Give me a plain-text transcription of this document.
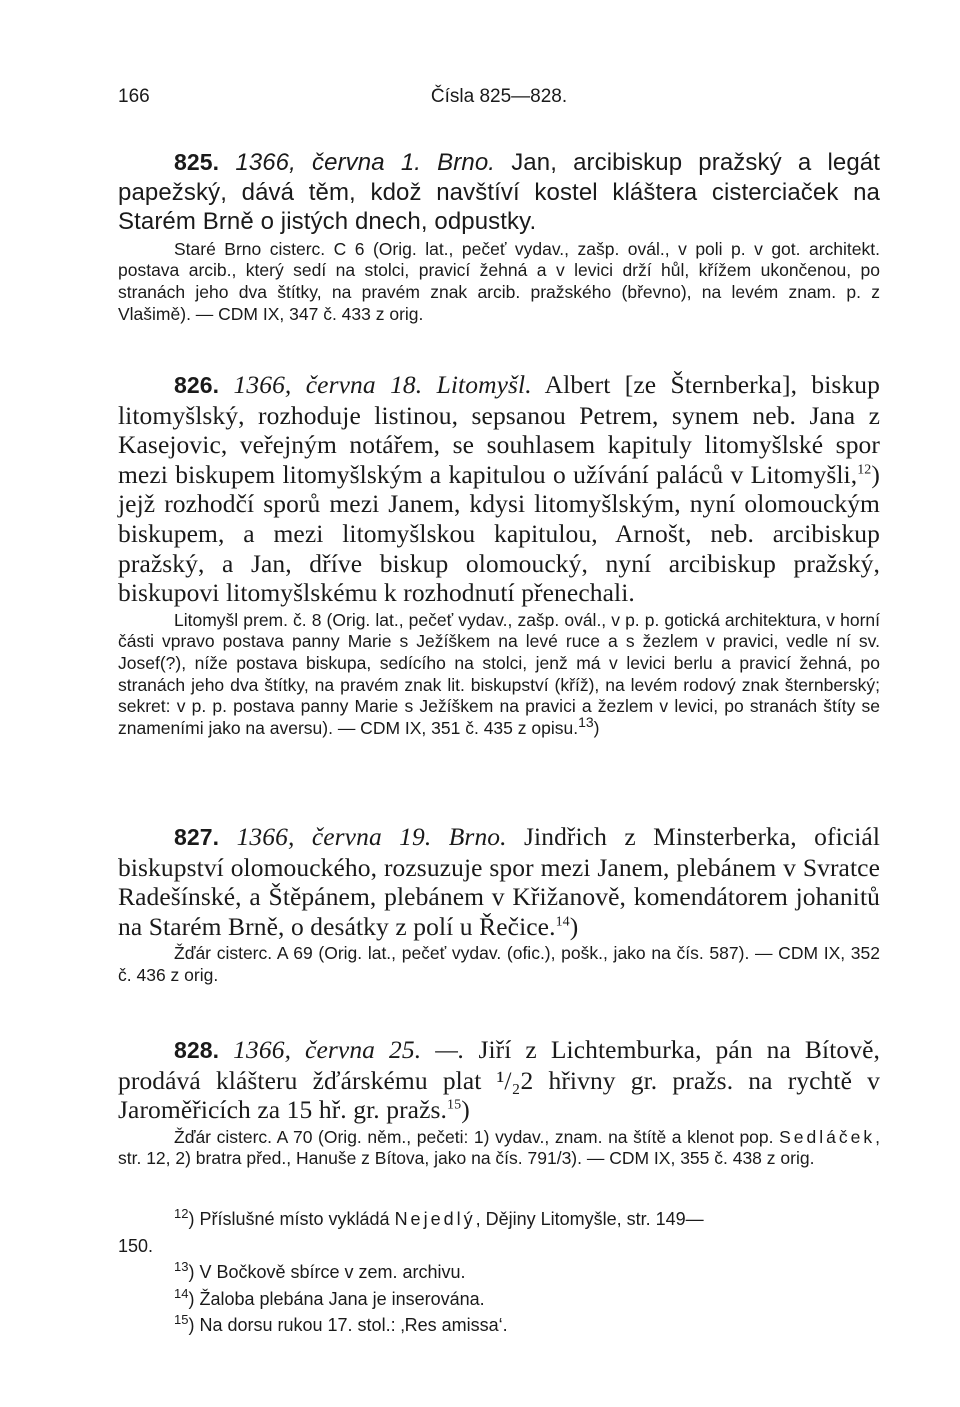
166	Čísla 825—828.

825. 1366, června 1. Brno. Jan, arcibiskup pražský a legát papežský, dává těm, kdož navštíví kostel kláštera cisterciaček na Starém Brně o jistých dnech, odpustky.

Staré Brno cisterc. C 6 (Orig. lat., pečeť vydav., zašp. ovál., v poli p. v got. architekt. postava arcib., který sedí na stolci, pravicí žehná a v levici drží hůl, křížem ukončenou, po stranách jeho dva štítky, na pravém znak arcib. pražského (břevno), na levém znam. p. z Vlašimě). — CDM IX, 347 č. 433 z orig.

826. 1366, června 18. Litomyšl. Albert [ze Šternberka], biskup litomyšlský, rozhoduje listinou, sepsanou Petrem, synem neb. Jana z Kasejovic, veřejným notářem, se souhlasem kapituly litomyšlské spor mezi biskupem litomyšlským a kapitulou o užívání paláců v Litomyšli,$^{12}$) jejž rozhodčí sporů mezi Janem, kdysi litomyšlským, nyní olomouckým biskupem, a mezi litomyšlskou kapitulou, Arnošt, neb. arcibiskup pražský, a Jan, dříve biskup olomoucký, nyní arcibiskup pražský, biskupovi litomyšlskému k rozhodnutí přenechali.

Litomyšl prem. č. 8 (Orig. lat., pečeť vydav., zašp. ovál., v p. p. gotická architektura, v horní části vpravo postava panny Marie s Ježíškem na levé ruce a s žezlem v pravici, vedle ní sv. Josef(?), níže postava biskupa, sedícího na stolci, jenž má v levici berlu a pravicí žehná, po stranách jeho dva štítky, na pravém znak lit. biskupství (kříž), na levém rodový znak šternberský; sekret: v p. p. postava panny Marie s Ježíškem na pravici a žezlem v levici, po stranách štíty se znameními jako na aversu). — CDM IX, 351 č. 435 z opisu.$^{13}$)

827. 1366, června 19. Brno. Jindřich z Minsterberka, oficiál biskupství olomouckého, rozsuzuje spor mezi Janem, plebánem v Svratce Radešínské, a Štěpánem, plebánem v Křižanově, komendátorem johanitů na Starém Brně, o desátky z polí u Řečice.$^{14}$)

Žďár cisterc. A 69 (Orig. lat., pečeť vydav. (ofic.), pošk., jako na čís. 587). — CDM IX, 352 č. 436 z orig.

828. 1366, června 25. —. Jiří z Lichtemburka, pán na Bítově, prodává klášteru žďárskému plat ¹/₂2 hřivny gr. pražs. na rychtě v Jaroměřicích za 15 hř. gr. pražs.$^{15}$)

Žďár cisterc. A 70 (Orig. něm., pečeti: 1) vydav., znam. na štítě a klenot pop. Sedláček, str. 12, 2) bratra před., Hanuše z Bítova, jako na čís. 791/3). — CDM IX, 355 č. 438 z orig.

$^{12}$) Příslušné místo vykládá Nejedlý, Dějiny Litomyšle, str. 149—
150.
$^{13}$) V Bočkově sbírce v zem. archivu.
$^{14}$) Žaloba plebána Jana je inserována.
$^{15}$) Na dorsu rukou 17. stol.: ‚Res amissa‘.
